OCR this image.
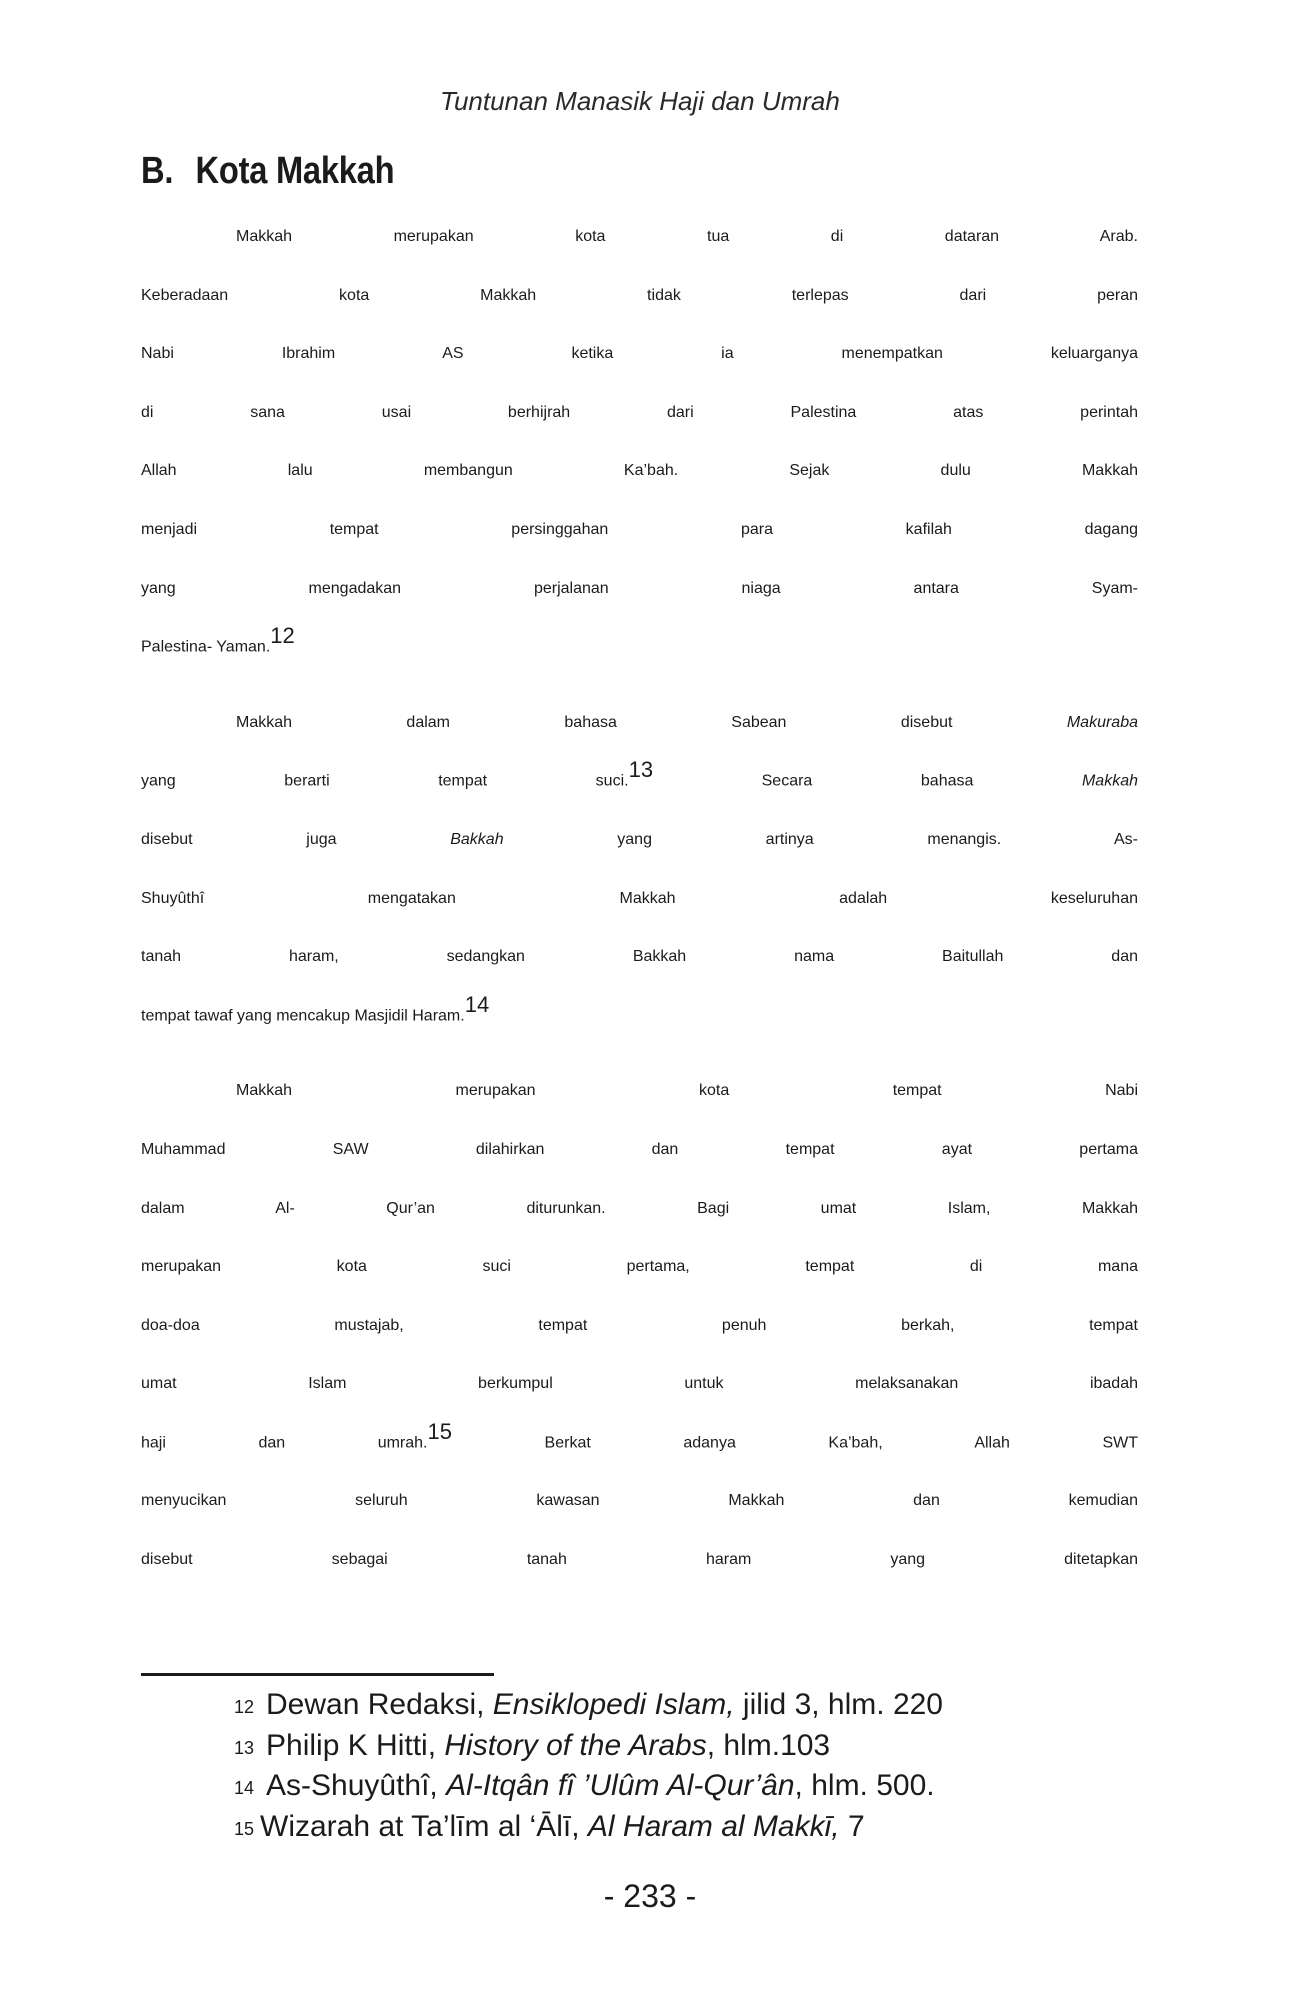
Tuntunan Manasik Haji dan Umrah
B. Kota Makkah
Makkah merupakan kota tua di dataran Arab.
Keberadaan kota Makkah tidak terlepas dari peran
Nabi Ibrahim AS ketika ia menempatkan keluarganya
di sana usai berhijrah dari Palestina atas perintah
Allah lalu membangun Ka’bah. Sejak dulu Makkah
menjadi tempat persinggahan para kafilah dagang
yang mengadakan perjalanan niaga antara Syam-
Palestina- Yaman.12
Makkah dalam bahasa Sabean disebut Makuraba
yang berarti tempat suci.13 Secara bahasa Makkah
disebut juga Bakkah yang artinya menangis. As-
Shuyûthî mengatakan Makkah adalah keseluruhan
tanah haram, sedangkan Bakkah nama Baitullah dan
tempat tawaf yang mencakup Masjidil Haram.14
Makkah merupakan kota tempat Nabi
Muhammad SAW dilahirkan dan tempat ayat pertama
dalam Al- Qur’an diturunkan. Bagi umat Islam, Makkah
merupakan kota suci pertama, tempat di mana
doa-doa mustajab, tempat penuh berkah, tempat
umat Islam berkumpul untuk melaksanakan ibadah
haji dan umrah.15 Berkat adanya Ka’bah, Allah SWT
menyucikan seluruh kawasan Makkah dan kemudian
disebut sebagai tanah haram yang ditetapkan
12 Dewan Redaksi, Ensiklopedi Islam, jilid 3, hlm. 220
13 Philip K Hitti, History of the Arabs, hlm.103
14 As-Shuyûthî, Al-Itqân fî ’Ulûm Al-Qur’ân, hlm. 500.
15 Wizarah at Ta’līm al ‘Ālī, Al Haram al Makkī, 7
- 233 -
